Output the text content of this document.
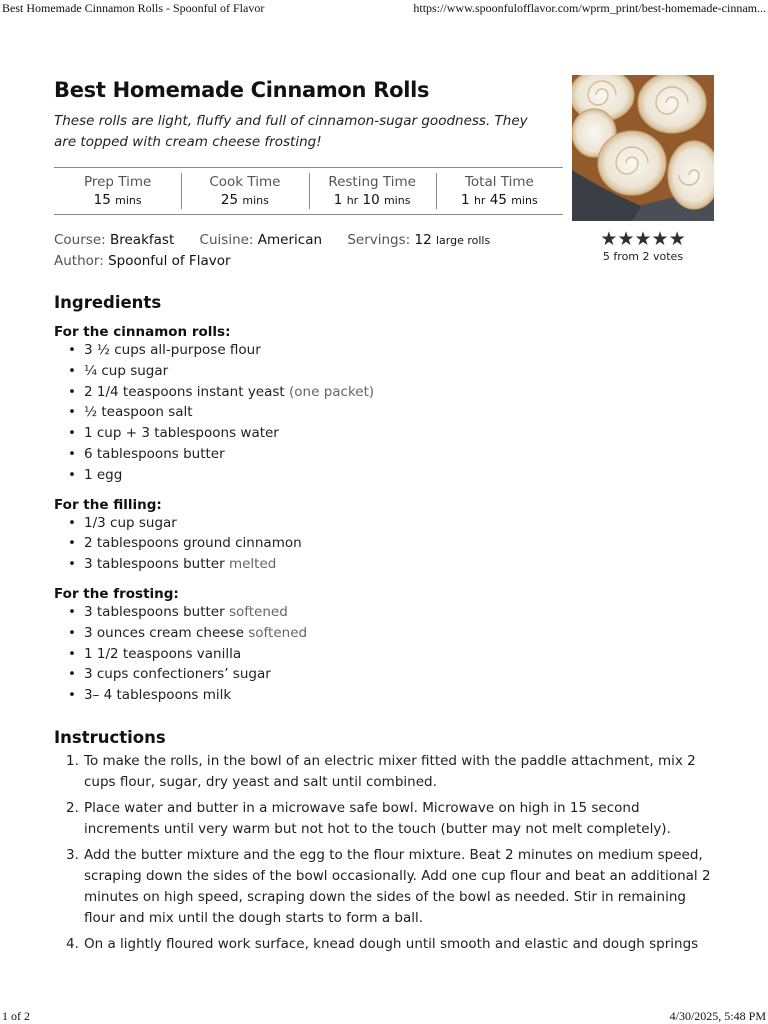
Best Homemade Cinnamon Rolls - Spoonful of Flavor	https://www.spoonfulofflavor.com/wprm_print/best-homemade-cinnam...
Best Homemade Cinnamon Rolls

These rolls are light, fluffy and full of cinnamon-sugar goodness. They are topped with cream cheese frosting!

Prep Time
15 mins
Cook Time
25 mins
Resting Time
1 hr 10 mins
Total Time
1 hr 45 mins
Course: Breakfast Cuisine: American Servings: 12 large rolls
Author: Spoonful of Flavor
★ ★ ★ ★ ★
5 from 2 votes
Ingredients
For the cinnamon rolls:
• 3 ½ cups all-purpose flour
• ¼ cup sugar
• 2 1/4 teaspoons instant yeast (one packet)
• ½ teaspoon salt
• 1 cup + 3 tablespoons water
• 6 tablespoons butter
• 1 egg
For the filling:
• 1/3 cup sugar
• 2 tablespoons ground cinnamon
• 3 tablespoons butter melted
For the frosting:
• 3 tablespoons butter softened
• 3 ounces cream cheese softened
• 1 1/2 teaspoons vanilla
• 3 cups confectioners’ sugar
• 3– 4 tablespoons milk
Instructions
1. To make the rolls, in the bowl of an electric mixer fitted with the paddle attachment, mix 2 cups flour, sugar, dry yeast and salt until combined.
2. Place water and butter in a microwave safe bowl. Microwave on high in 15 second increments until very warm but not hot to the touch (butter may not melt completely).
3. Add the butter mixture and the egg to the flour mixture. Beat 2 minutes on medium speed, scraping down the sides of the bowl occasionally. Add one cup flour and beat an additional 2 minutes on high speed, scraping down the sides of the bowl as needed. Stir in remaining flour and mix until the dough starts to form a ball.
4. On a lightly floured work surface, knead dough until smooth and elastic and dough springs
1 of 2	4/30/2025, 5:48 PM
